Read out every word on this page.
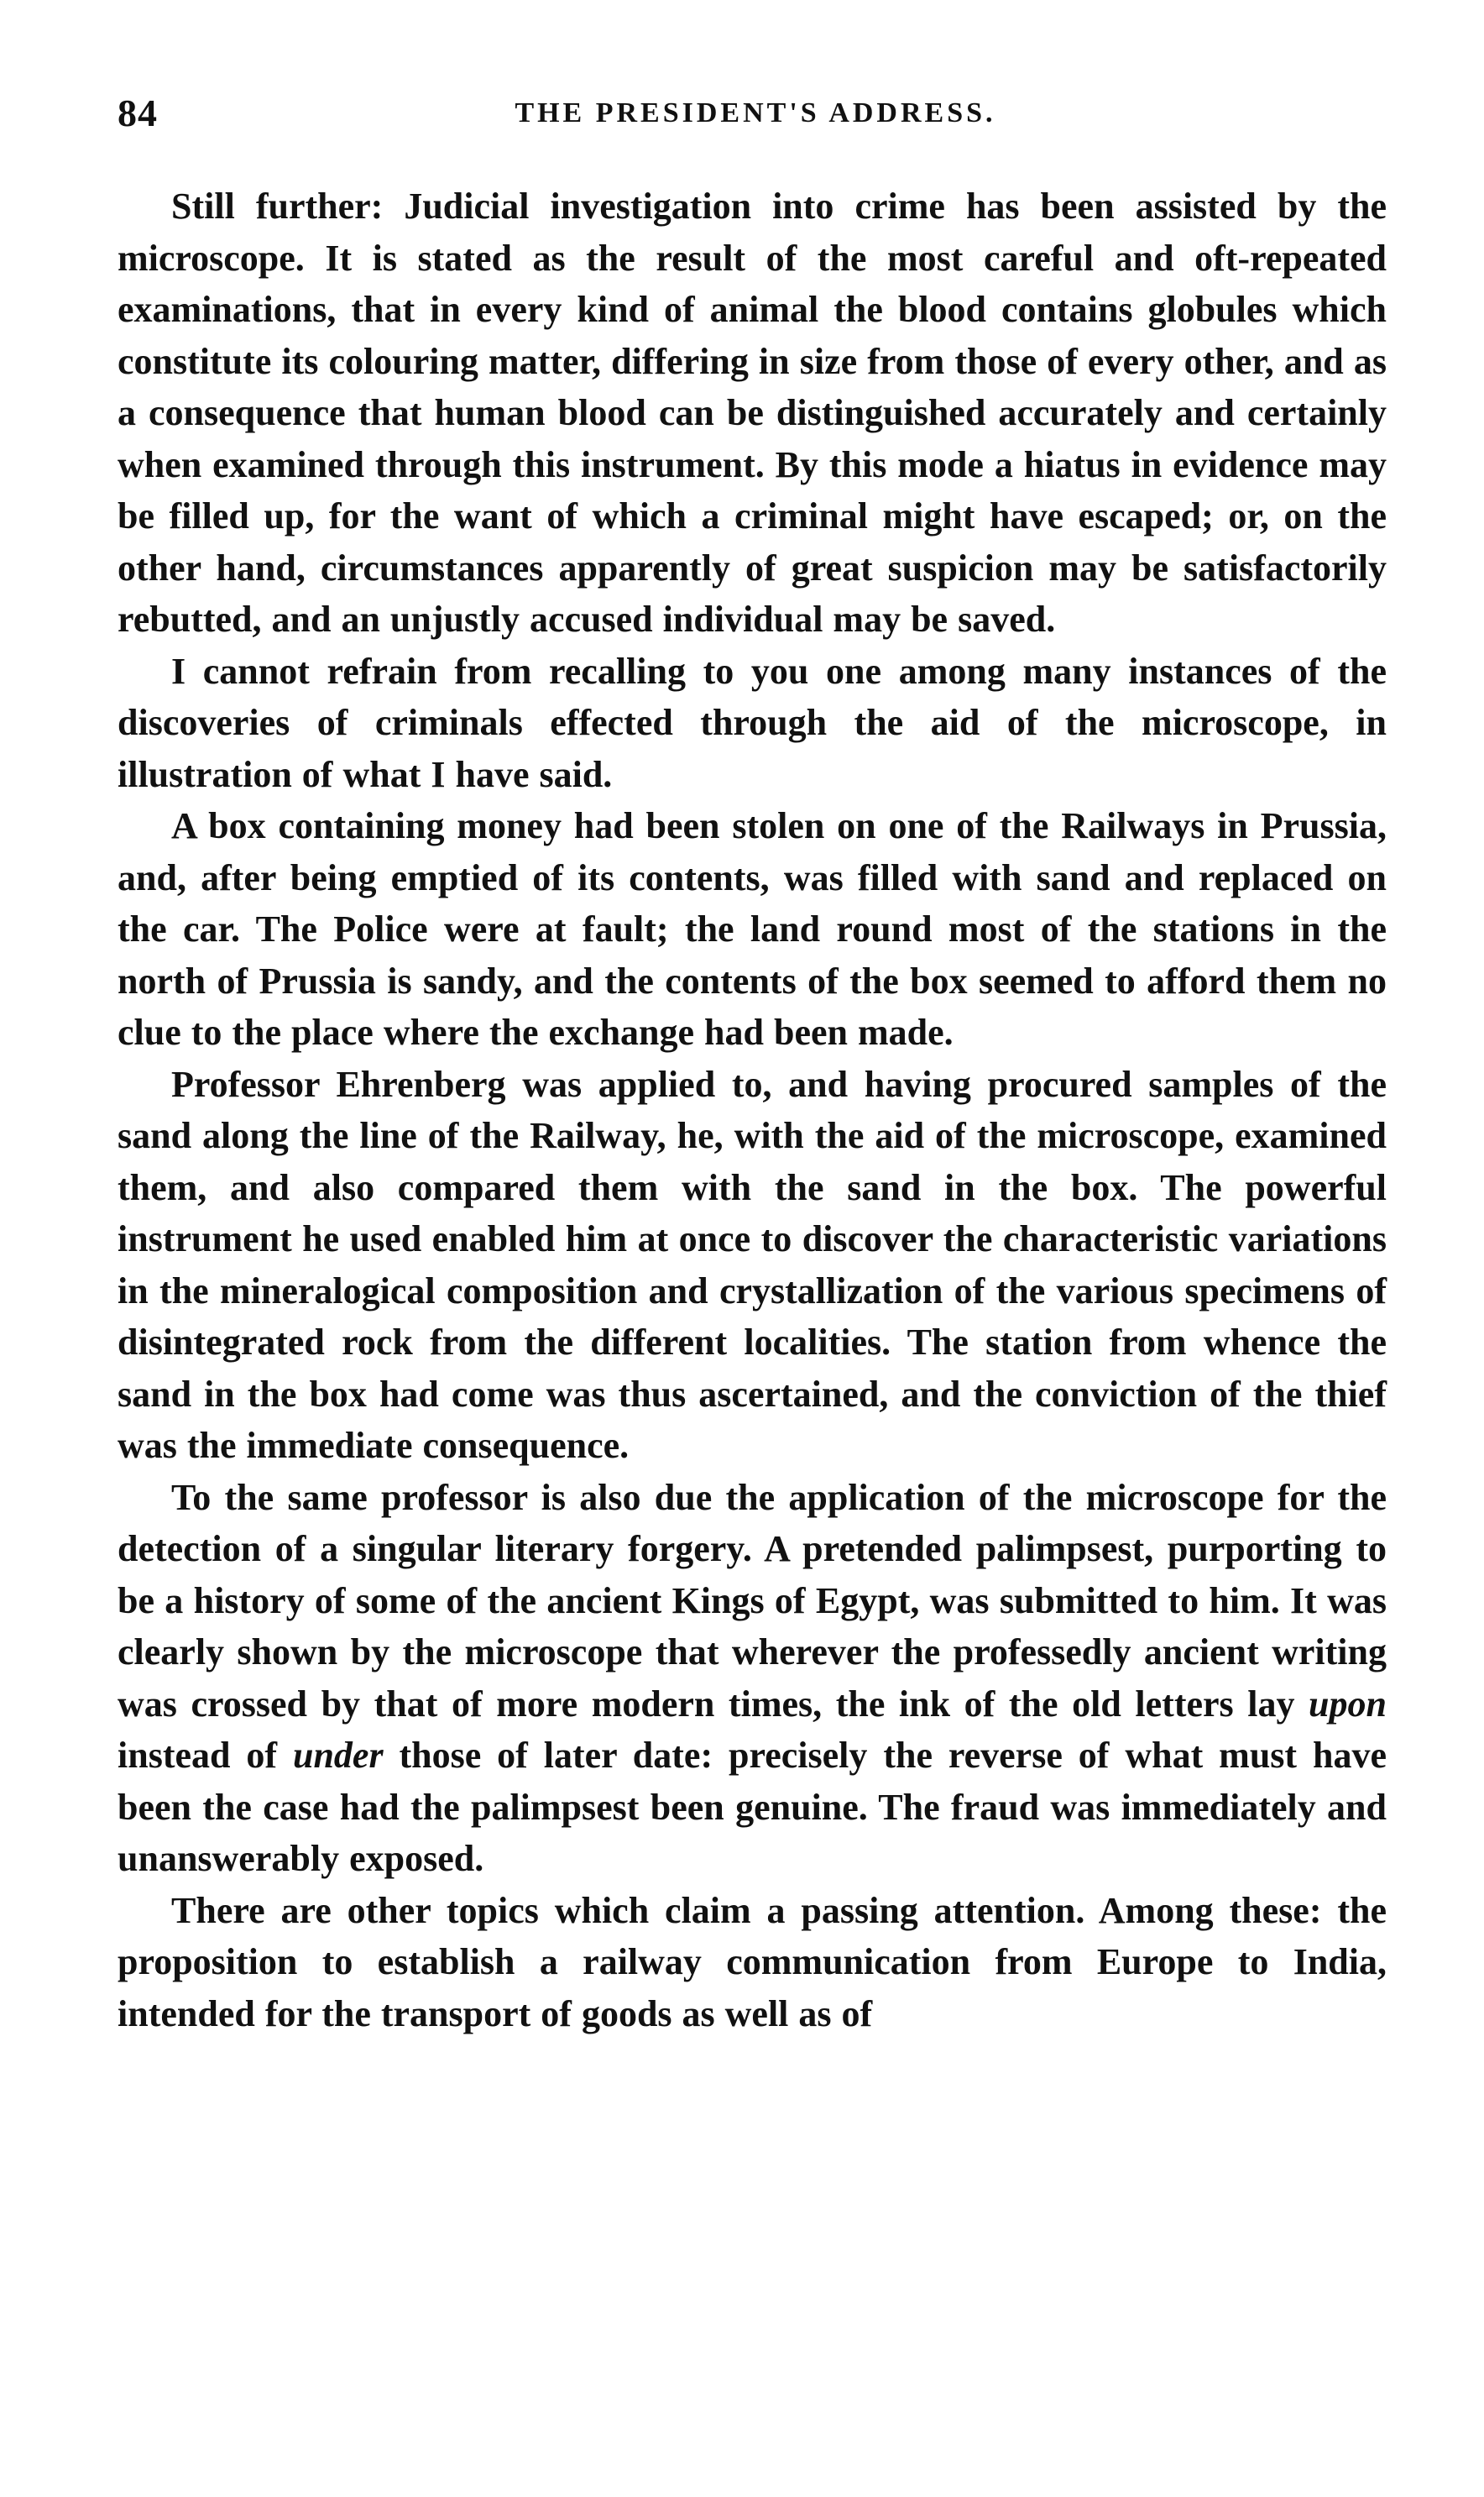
84	THE PRESIDENT'S ADDRESS.

Still further: Judicial investigation into crime has been assisted by the microscope. It is stated as the result of the most careful and oft-repeated examinations, that in every kind of animal the blood contains globules which constitute its colouring matter, differing in size from those of every other, and as a consequence that human blood can be distinguished accurately and certainly when examined through this instrument. By this mode a hiatus in evidence may be filled up, for the want of which a criminal might have escaped; or, on the other hand, circumstances apparently of great suspicion may be satisfactorily rebutted, and an unjustly accused individual may be saved.

I cannot refrain from recalling to you one among many instances of the discoveries of criminals effected through the aid of the microscope, in illustration of what I have said.

A box containing money had been stolen on one of the Railways in Prussia, and, after being emptied of its contents, was filled with sand and replaced on the car. The Police were at fault; the land round most of the stations in the north of Prussia is sandy, and the contents of the box seemed to afford them no clue to the place where the exchange had been made.

Professor Ehrenberg was applied to, and having procured samples of the sand along the line of the Railway, he, with the aid of the microscope, examined them, and also compared them with the sand in the box. The powerful instrument he used enabled him at once to discover the characteristic variations in the mineralogical composition and crystallization of the various specimens of disintegrated rock from the different localities. The station from whence the sand in the box had come was thus ascertained, and the conviction of the thief was the immediate consequence.

To the same professor is also due the application of the microscope for the detection of a singular literary forgery. A pretended palimpsest, purporting to be a history of some of the ancient Kings of Egypt, was submitted to him. It was clearly shown by the microscope that wherever the professedly ancient writing was crossed by that of more modern times, the ink of the old letters lay upon instead of under those of later date: precisely the reverse of what must have been the case had the palimpsest been genuine. The fraud was immediately and unanswerably exposed.

There are other topics which claim a passing attention. Among these: the proposition to establish a railway communication from Europe to India, intended for the transport of goods as well as of
